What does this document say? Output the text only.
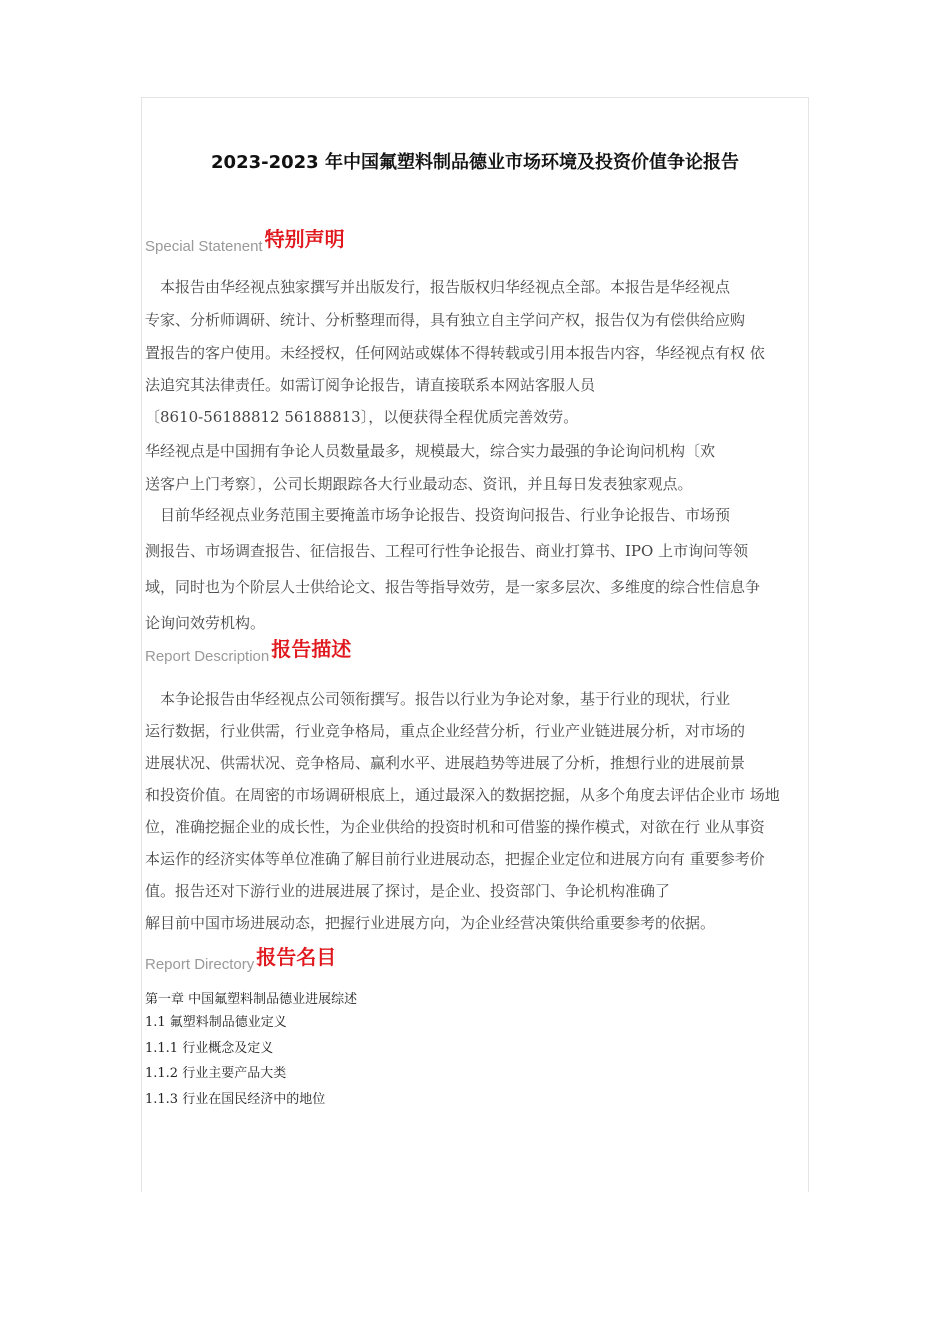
2023-2023 年中国氟塑料制品德业市场环境及投资价值争论报告
Special Statenent 特别声明
　本报告由华经视点独家撰写并出版发行，报告版权归华经视点全部。本报告是华经视点
专家、分析师调研、统计、分析整理而得，具有独立自主学问产权，报告仅为有偿供给应购
置报告的客户使用。未经授权，任何网站或媒体不得转载或引用本报告内容，华经视点有权 依
法追究其法律责任。如需订阅争论报告，请直接联系本网站客服人员
〔8610-56188812 56188813〕，以便获得全程优质完善效劳。
华经视点是中国拥有争论人员数量最多，规模最大，综合实力最强的争论询问机构〔欢
送客户上门考察〕，公司长期跟踪各大行业最动态、资讯，并且每日发表独家观点。
　目前华经视点业务范围主要掩盖市场争论报告、投资询问报告、行业争论报告、市场预
测报告、市场调查报告、征信报告、工程可行性争论报告、商业打算书、IPO 上市询问等领
域，同时也为个阶层人士供给论文、报告等指导效劳，是一家多层次、多维度的综合性信息争
论询问效劳机构。
Report Description 报告描述
　本争论报告由华经视点公司领衔撰写。报告以行业为争论对象，基于行业的现状，行业
运行数据，行业供需，行业竞争格局，重点企业经营分析，行业产业链进展分析，对市场的
进展状况、供需状况、竞争格局、赢利水平、进展趋势等进展了分析，推想行业的进展前景
和投资价值。在周密的市场调研根底上，通过最深入的数据挖掘，从多个角度去评估企业市 场地
位，准确挖掘企业的成长性，为企业供给的投资时机和可借鉴的操作模式，对欲在行 业从事资
本运作的经济实体等单位准确了解目前行业进展动态，把握企业定位和进展方向有 重要参考价
值。报告还对下游行业的进展进展了探讨，是企业、投资部门、争论机构准确了
解目前中国市场进展动态，把握行业进展方向，为企业经营决策供给重要参考的依据。
Report Directory 报告名目
第一章 中国氟塑料制品德业进展综述
1.1 氟塑料制品德业定义
1.1.1 行业概念及定义
1.1.2 行业主要产品大类
1.1.3 行业在国民经济中的地位
